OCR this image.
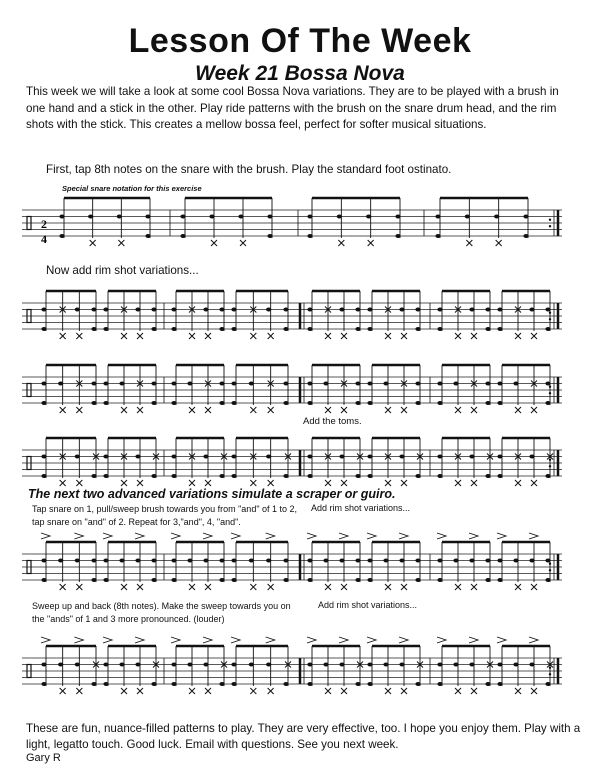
Lesson Of The Week
Week 21 Bossa Nova
This week we will take a look at some cool Bossa Nova variations. They are to be played with a brush in one hand and a stick in the other. Play ride patterns with the brush on the snare drum head, and the rim shots with the stick. This creates a mellow bossa feel, perfect for softer musical situations.
First, tap 8th notes on the snare with the brush. Play the standard foot ostinato.
Special snare notation for this exercise
Now add rim shot variations...
Add the toms.
The next two advanced variations simulate a scraper or guiro.
Tap snare on 1, pull/sweep brush towards you from "and" of 1 to 2, tap snare on "and" of 2. Repeat for 3,"and", 4, "and".
Add rim shot variations...
Sweep up and back (8th notes). Make the sweep towards you on the "ands" of 1 and 3 more pronounced. (louder)
Add rim shot variations...
These are fun, nuance-filled patterns to play. They are very effective, too. I hope you enjoy them. Play with a light, legatto touch. Good luck. Email with questions. See you next week.
Gary R
2
4
